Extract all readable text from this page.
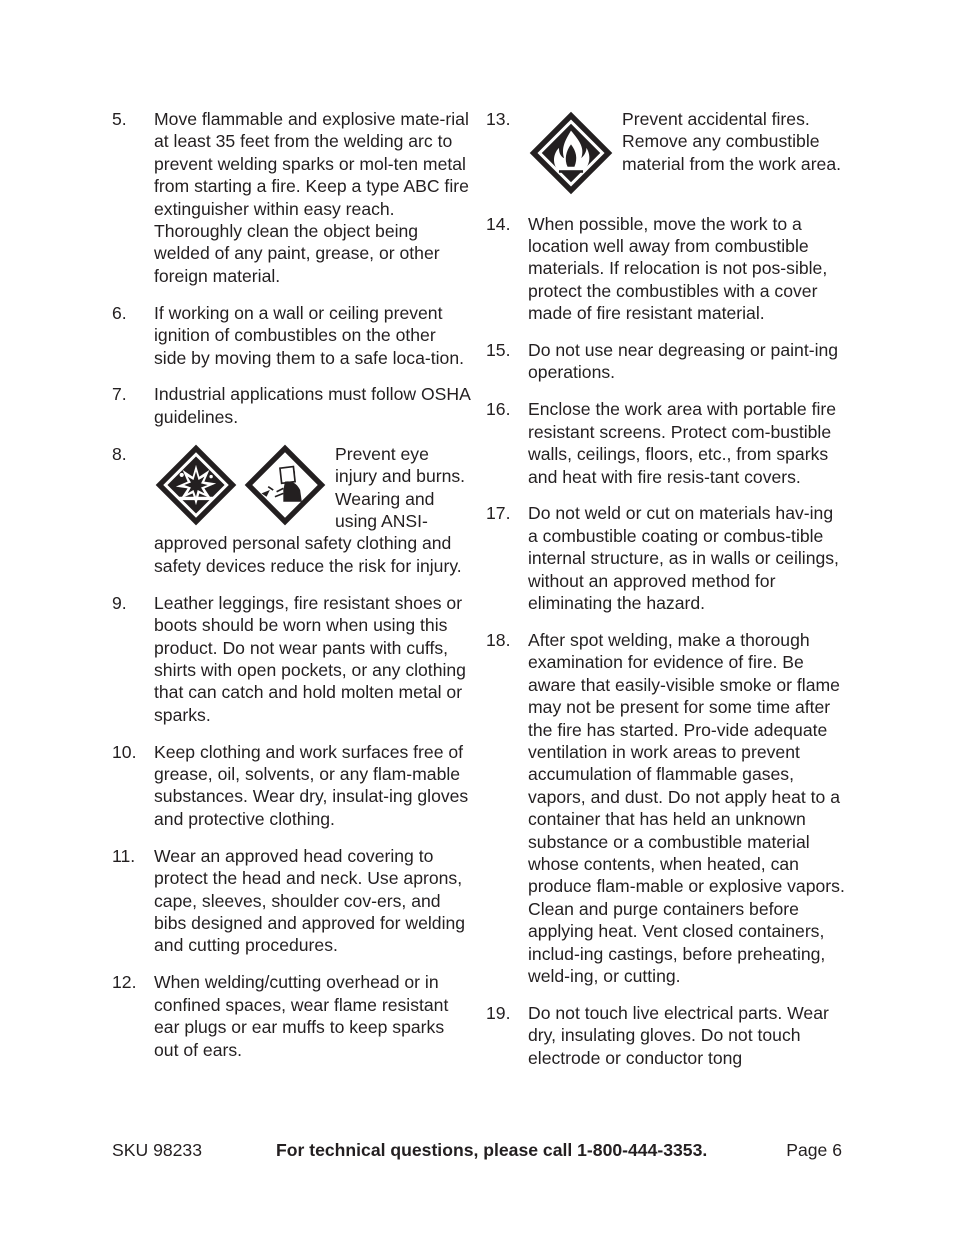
5. Move flammable and explosive mate-rial at least 35 feet from the welding arc to prevent welding sparks or mol-ten metal from starting a fire. Keep a type ABC fire extinguisher within easy reach. Thoroughly clean the object being welded of any paint, grease, or other foreign material.
6. If working on a wall or ceiling prevent ignition of combustibles on the other side by moving them to a safe loca-tion.
7. Industrial applications must follow OSHA guidelines.
8.	Prevent eye injury and burns. Wearing and using ANSI-approved personal safety clothing and safety devices reduce the risk for injury.
9. Leather leggings, fire resistant shoes or boots should be worn when using this product. Do not wear pants with cuffs, shirts with open pockets, or any clothing that can catch and hold molten metal or sparks.
10. Keep clothing and work surfaces free of grease, oil, solvents, or any flam-mable substances. Wear dry, insulat-ing gloves and protective clothing.
11. Wear an approved head covering to protect the head and neck. Use aprons, cape, sleeves, shoulder cov-ers, and bibs designed and approved for welding and cutting procedures.
12. When welding/cutting overhead or in confined spaces, wear flame resistant ear plugs or ear muffs to keep sparks out of ears.
13.	Prevent accidental fires. Remove any combustible material from the work area.
14. When possible, move the work to a location well away from combustible materials. If relocation is not pos-sible, protect the combustibles with a cover made of fire resistant material.
15. Do not use near degreasing or paint-ing operations.
16. Enclose the work area with portable fire resistant screens. Protect com-bustible walls, ceilings, floors, etc., from sparks and heat with fire resis-tant covers.
17. Do not weld or cut on materials hav-ing a combustible coating or combus-tible internal structure, as in walls or ceilings, without an approved method for eliminating the hazard.
18. After spot welding, make a thorough examination for evidence of fire. Be aware that easily-visible smoke or flame may not be present for some time after the fire has started. Pro-vide adequate ventilation in work areas to prevent accumulation of flammable gases, vapors, and dust. Do not apply heat to a container that has held an unknown substance or a combustible material whose contents, when heated, can produce flam-mable or explosive vapors. Clean and purge containers before applying heat. Vent closed containers, includ-ing castings, before preheating, weld-ing, or cutting.
19. Do not touch live electrical parts. Wear dry, insulating gloves. Do not touch electrode or conductor tong
SKU 98233	For technical questions, please call 1-800-444-3353.	Page 6
